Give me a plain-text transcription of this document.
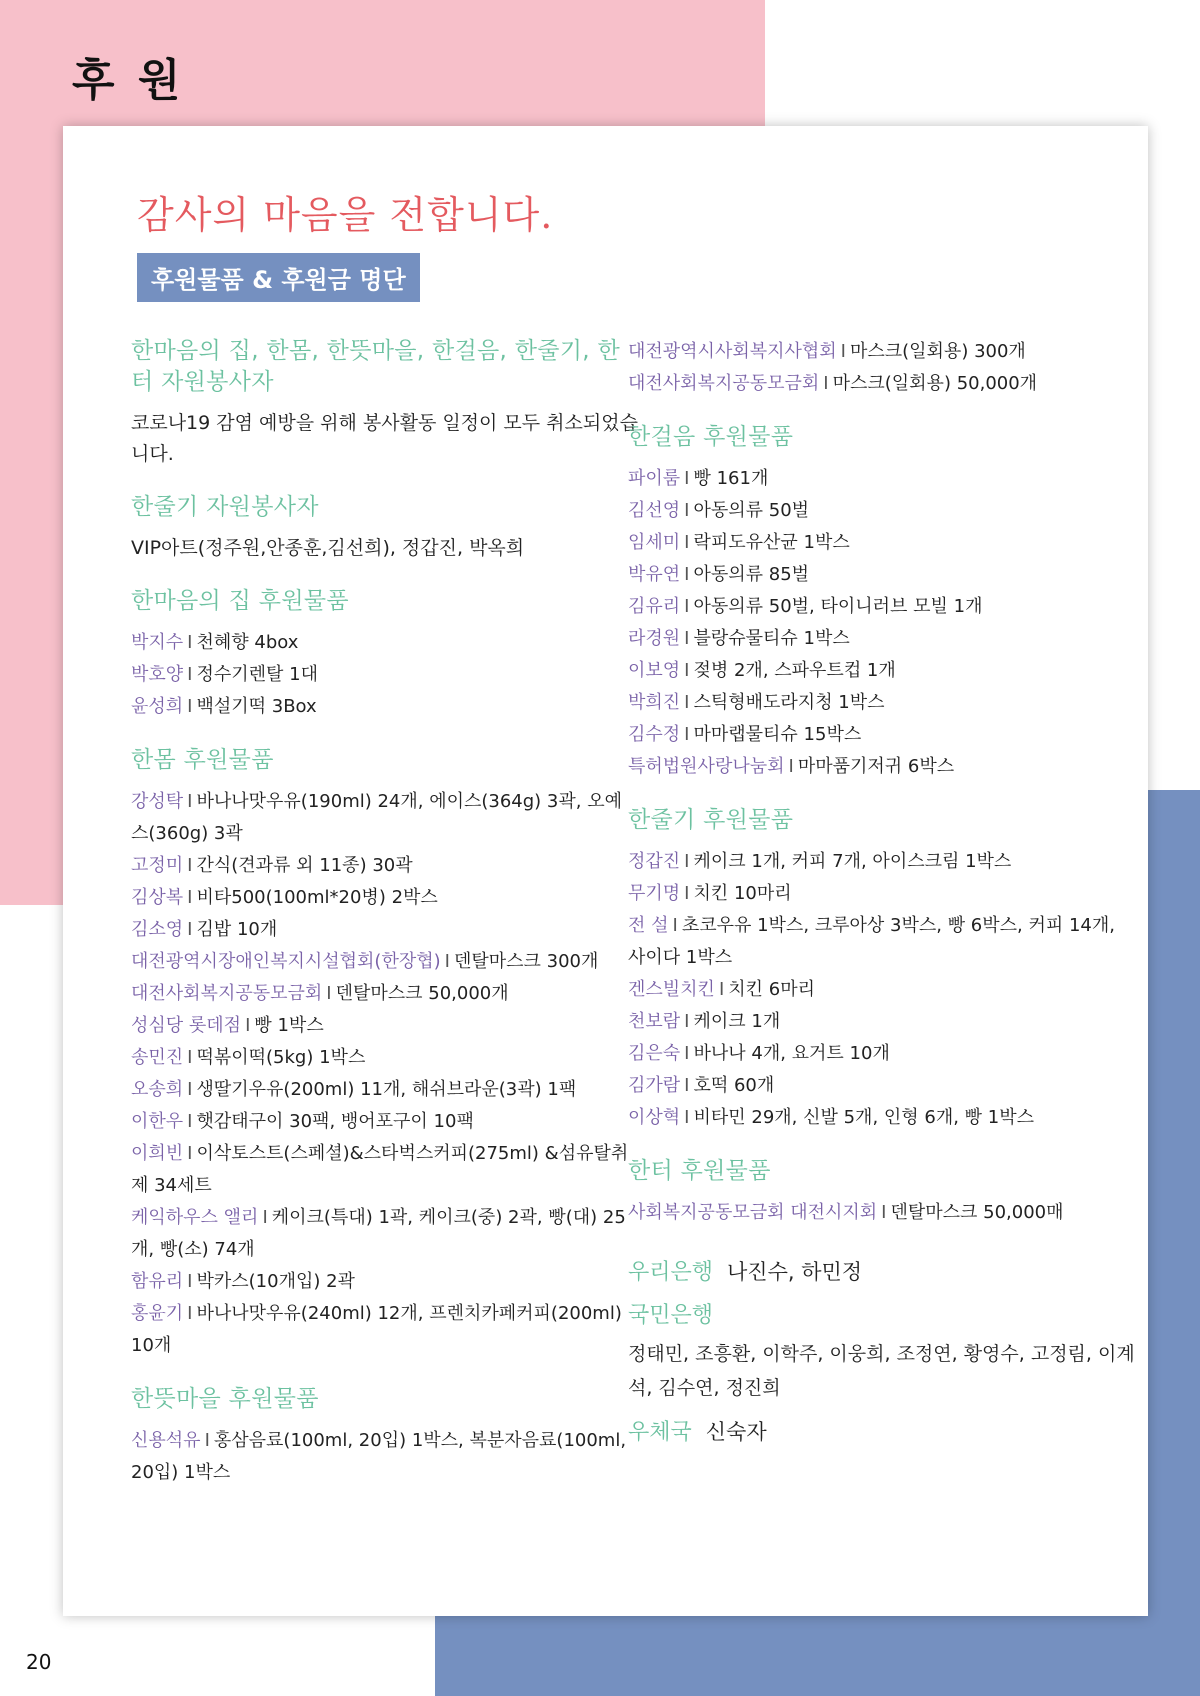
후 원
감사의 마음을 전합니다.
후원물품 & 후원금 명단
한마음의 집, 한몸, 한뜻마을, 한걸음, 한줄기, 한터 자원봉사자

코로나19 감염 예방을 위해 봉사활동 일정이 모두 취소되었습니다.

한줄기 자원봉사자

VIP아트(정주원,안종훈,김선희), 정갑진, 박옥희

한마음의 집 후원물품
박지수 I 천혜향 4box
박호양 I 정수기렌탈 1대
윤성희 I 백설기떡 3Box
한몸 후원물품
강성탁 I 바나나맛우유(190ml) 24개, 에이스(364g) 3곽, 오예스(360g) 3곽
고정미 I 간식(견과류 외 11종) 30곽
김상복 I 비타500(100ml*20병) 2박스
김소영 I 김밥 10개
대전광역시장애인복지시설협회(한장협) I 덴탈마스크 300개
대전사회복지공동모금회 I 덴탈마스크 50,000개
성심당 롯데점 I 빵 1박스
송민진 I 떡볶이떡(5kg) 1박스
오송희 I 생딸기우유(200ml) 11개, 해쉬브라운(3곽) 1팩
이한우 I 햇감태구이 30팩, 뱅어포구이 10팩
이희빈 I 이삭토스트(스페셜)&스타벅스커피(275ml) &섬유탈취제 34세트
케익하우스 앨리 I 케이크(특대) 1곽, 케이크(중) 2곽, 빵(대) 25개, 빵(소) 74개
함유리 I 박카스(10개입) 2곽
홍윤기 I 바나나맛우유(240ml) 12개, 프렌치카페커피(200ml) 10개
한뜻마을 후원물품
신용석유 I 홍삼음료(100ml, 20입) 1박스, 복분자음료(100ml, 20입) 1박스
대전광역시사회복지사협회 I 마스크(일회용) 300개
대전사회복지공동모금회 I 마스크(일회용) 50,000개
한걸음 후원물품
파이룸 I 빵 161개
김선영 I 아동의류 50벌
임세미 I 락피도유산균 1박스
박유연 I 아동의류 85벌
김유리 I 아동의류 50벌, 타이니러브 모빌 1개
라경원 I 블랑슈물티슈 1박스
이보영 I 젖병 2개, 스파우트컵 1개
박희진 I 스틱형배도라지청 1박스
김수정 I 마마랩물티슈 15박스
특허법원사랑나눔회 I 마마품기저귀 6박스
한줄기 후원물품
정갑진 I 케이크 1개, 커피 7개, 아이스크림 1박스
무기명 I 치킨 10마리
전 설 I 초코우유 1박스, 크루아상 3박스, 빵 6박스, 커피 14개, 사이다 1박스
겐스빌치킨 I 치킨 6마리
천보람 I 케이크 1개
김은숙 I 바나나 4개, 요거트 10개
김가람 I 호떡 60개
이상혁 I 비타민 29개, 신발 5개, 인형 6개, 빵 1박스
한터 후원물품
사회복지공동모금회 대전시지회 I 덴탈마스크 50,000매
우리은행 나진수, 하민정
국민은행
정태민, 조흥환, 이학주, 이웅희, 조정연, 황영수, 고정림, 이계석, 김수연, 정진희
우체국 신숙자
20
